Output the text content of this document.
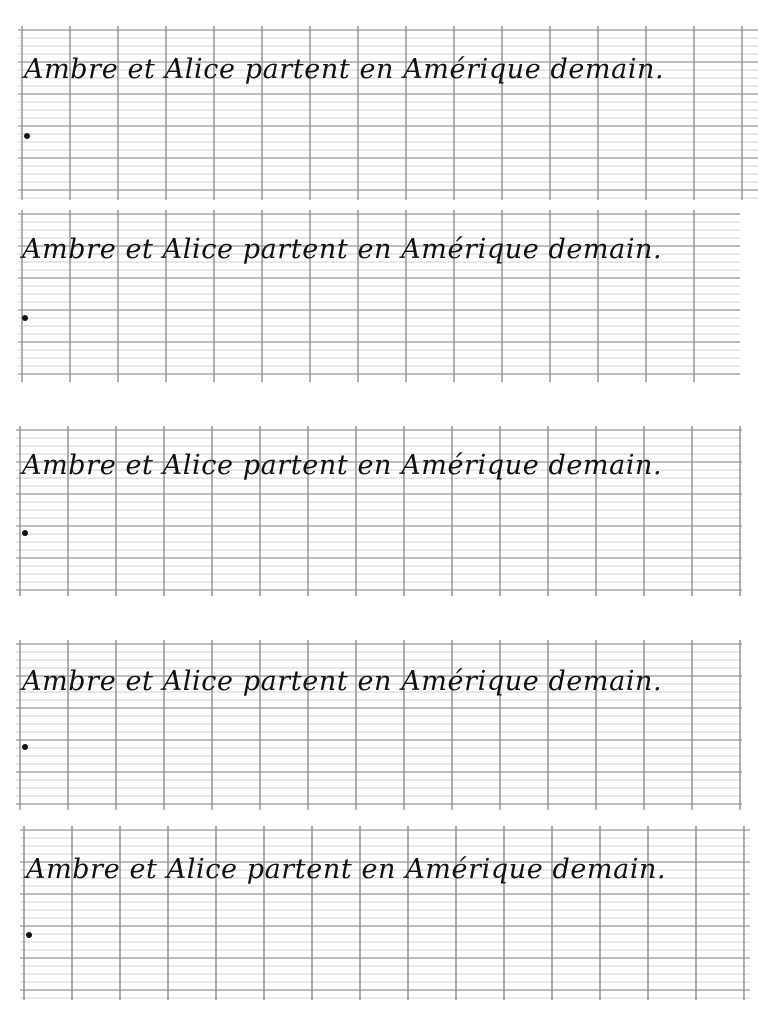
Ambre et Alice partent en Amérique demain.
Ambre et Alice partent en Amérique demain.
Ambre et Alice partent en Amérique demain.
Ambre et Alice partent en Amérique demain.
Ambre et Alice partent en Amérique demain.
